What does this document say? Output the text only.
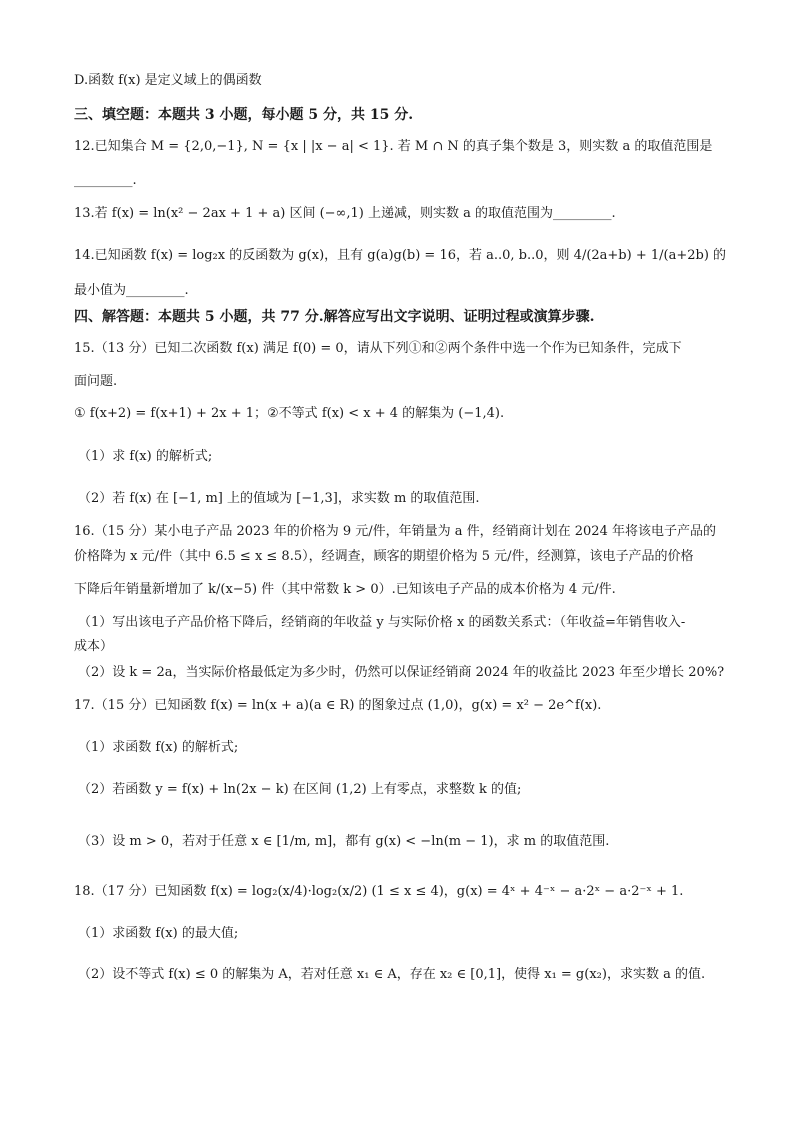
D.函数 f(x) 是定义域上的偶函数
三、填空题：本题共 3 小题，每小题 5 分，共 15 分.
12.已知集合 M = {2,0,−1}, N = {x | |x − a| < 1}. 若 M ∩ N 的真子集个数是 3，则实数 a 的取值范围是
_________.
13.若 f(x) = ln(x² − 2ax + 1 + a) 区间 (−∞,1) 上递减，则实数 a 的取值范围为_________.
14.已知函数 f(x) = log₂x 的反函数为 g(x)，且有 g(a)g(b) = 16，若 a..0, b..0，则 4/(2a+b) + 1/(a+2b) 的
最小值为_________.
四、解答题：本题共 5 小题，共 77 分.解答应写出文字说明、证明过程或演算步骤.
15.（13 分）已知二次函数 f(x) 满足 f(0) = 0，请从下列①和②两个条件中选一个作为已知条件，完成下
面问题.
① f(x+2) = f(x+1) + 2x + 1；②不等式 f(x) < x + 4 的解集为 (−1,4).
（1）求 f(x) 的解析式;
（2）若 f(x) 在 [−1, m] 上的值域为 [−1,3]，求实数 m 的取值范围.
16.（15 分）某小电子产品 2023 年的价格为 9 元/件，年销量为 a 件，经销商计划在 2024 年将该电子产品的
价格降为 x 元/件（其中 6.5 ≤ x ≤ 8.5），经调查，顾客的期望价格为 5 元/件，经测算，该电子产品的价格
下降后年销量新增加了 k/(x−5) 件（其中常数 k > 0）.已知该电子产品的成本价格为 4 元/件.
（1）写出该电子产品价格下降后，经销商的年收益 y 与实际价格 x 的函数关系式：（年收益=年销售收入-
成本）
（2）设 k = 2a，当实际价格最低定为多少时，仍然可以保证经销商 2024 年的收益比 2023 年至少增长 20%?
17.（15 分）已知函数 f(x) = ln(x + a)(a ∈ R) 的图象过点 (1,0)，g(x) = x² − 2e^f(x).
（1）求函数 f(x) 的解析式;
（2）若函数 y = f(x) + ln(2x − k) 在区间 (1,2) 上有零点，求整数 k 的值;
（3）设 m > 0，若对于任意 x ∈ [1/m, m]，都有 g(x) < −ln(m − 1)，求 m 的取值范围.
18.（17 分）已知函数 f(x) = log₂(x/4)·log₂(x/2) (1 ≤ x ≤ 4)，g(x) = 4ˣ + 4⁻ˣ − a·2ˣ − a·2⁻ˣ + 1.
（1）求函数 f(x) 的最大值;
（2）设不等式 f(x) ≤ 0 的解集为 A，若对任意 x₁ ∈ A，存在 x₂ ∈ [0,1]，使得 x₁ = g(x₂)，求实数 a 的值.
